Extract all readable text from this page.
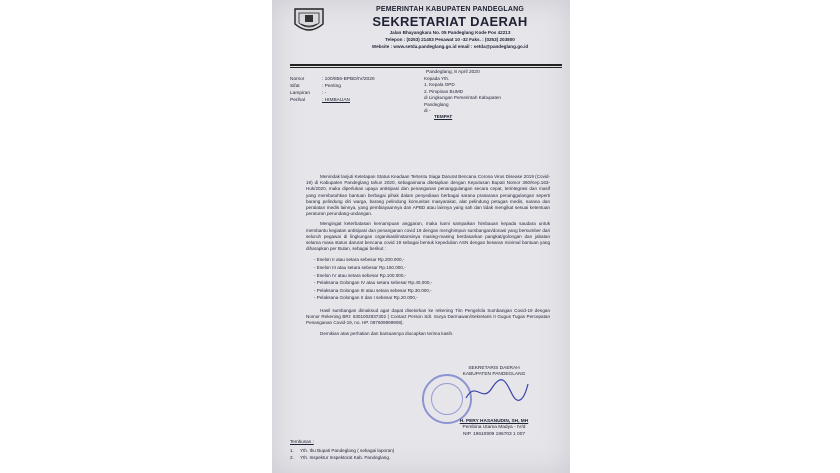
PEMERINTAH KABUPATEN PANDEGLANG
SEKRETARIAT DAERAH
Jalan Bhayangkara No. 05 Pandeglang Kode Pos 42213
Telepon : (0253) 21403 Pesawat 10 -32 Faks. : (0253) 203800
Website : www.setda.pandeglang.go.id email : setda@pandeglang.go.id
Pandeglang, 8 April 2020
Nomor	: 100/856-BPBD/IV/2020
Sifat	: Penting
Lampiran	: -
Perihal	: HIMBAUAN
Kepada Yth.
1. Kepala OPD
2. Pimpinan BUMD
di Lingkungan Pemerintah Kabupaten
Pandeglang
di -
TEMPAT

Menindak lanjuti Ketetapan Status Keadaan Tertentu Siaga Darurat Bencana Corona Virus Disease 2019 (Covid-19) di Kabupaten Pandeglang tahun 2020, sebagaimana ditetapkan dengan Keputusan Bupati Nomor 360/Kep.163-Huk/2020, maka diperlukan upaya antisipasi dan penanganan penanggulangan secara cepat, terintegrasi dan masif yang membutuhkan bantuan berbagai pihak dalam penyediaan berbagai sarana prasarana penanggulangan seperti barang pelindung diri warga, barang pelindung komunitas masyarakat, alat pelindung petugas medis, sarana dan peralatan medis lainnya, yang pembiayaannya dan APBD atau lainnya yang sah dan tidak mengikat sesuai ketentuan peraturan perundang-undangan.

Mengingat keterbatasan kemampuan anggaran, maka kami sampaikan himbauan kepada saudara untuk membantu kegiatan antisipasi dan penanganan covid 19 dengan menghimpun sumbangan/donasi yang bersumber dari seluruh pegawai di lingkungan organisasi/instansinya masing-masing berdasarkan pangkat/golongan dan jabatan selama masa status darurat bencana covid 19 sebagai bentuk kepedulian ASN dengan besaran minimal bantuan yang diharapkan per Bulan, sebagai berikut :

- Eselon II atau setara sebesar Rp.200.000,-
- Eselon III atau setara sebesar Rp.150.000,-
- Eselon IV atau setara sebesar Rp.100.000,-
- Pelaksana Golongan IV atau setara sebesar Rp.40.000,-
- Pelaksana Golongan III atau setara sebesar Rp.30.000,-
- Pelaksana Golongan II dan I sebesar Rp.20.000,-

Hasil sumbangan dimaksud agar dapat disetorkan ke rekening Tim Pengelola Sumbangan Covid-19 dengan Nomor Rekening BRI: 6301002937302 ( Contact Person Sdr. Surya Darmawan/Sekretaris II Gugus Tugas Percepatan Penanganan Covid-19, no. HP. 087609999908).

Demikian atas perhatian dan bantuannya diucapkan terima kasih.

SEKRETARIS DAERAH
KABUPATEN PANDEGLANG
H. PERY HASANUDIN, SH, MH
Pembina Utama Madya - IV/d
NIP. 19610909 196703 1 007
Tembusan :
1.	Yth. Ibu Bupati Pandeglang ( sebagai laporan)
2.	Yth. Inspektur Inspektorat Kab. Pandeglang.
